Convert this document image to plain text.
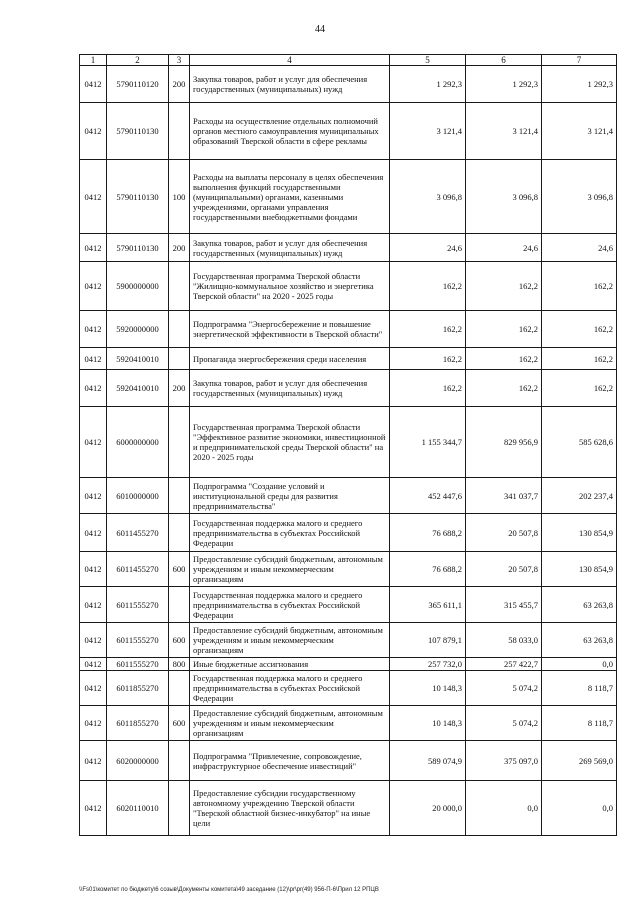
44
1	2	3	4	5	6	7
0412	5790110120	200	Закупка товаров, работ и услуг для обеспечения государственных (муниципальных) нужд	1 292,3	1 292,3	1 292,3
0412	5790110130		Расходы на осуществление отдельных полномочий органов местного самоуправления муниципальных образований Тверской области в сфере рекламы	3 121,4	3 121,4	3 121,4
0412	5790110130	100	Расходы на выплаты персоналу в целях обеспечения выполнения функций государственными (муниципальными) органами, казенными учреждениями, органами управления государственными внебюджетными фондами	3 096,8	3 096,8	3 096,8
0412	5790110130	200	Закупка товаров, работ и услуг для обеспечения государственных (муниципальных) нужд	24,6	24,6	24,6
0412	5900000000		Государственная программа Тверской области "Жилищно-коммунальное хозяйство и энергетика Тверской области" на 2020 - 2025 годы	162,2	162,2	162,2
0412	5920000000		Подпрограмма "Энергосбережение и повышение энергетической эффективности в Тверской области"	162,2	162,2	162,2
0412	5920410010		Пропаганда энергосбережения среди населения	162,2	162,2	162,2
0412	5920410010	200	Закупка товаров, работ и услуг для обеспечения государственных (муниципальных) нужд	162,2	162,2	162,2
0412	6000000000		Государственная программа Тверской области "Эффективное развитие экономики, инвестиционной и предпринимательской среды Тверской области" на 2020 - 2025 годы	1 155 344,7	829 956,9	585 628,6
0412	6010000000		Подпрограмма "Создание условий и институциональной среды для развития предпринимательства"	452 447,6	341 037,7	202 237,4
0412	6011455270		Государственная поддержка малого и среднего предпринимательства в субъектах Российской Федерации	76 688,2	20 507,8	130 854,9
0412	6011455270	600	Предоставление субсидий бюджетным, автономным учреждениям и иным некоммерческим организациям	76 688,2	20 507,8	130 854,9
0412	6011555270		Государственная поддержка малого и среднего предпринимательства в субъектах Российской Федерации	365 611,1	315 455,7	63 263,8
0412	6011555270	600	Предоставление субсидий бюджетным, автономным учреждениям и иным некоммерческим организациям	107 879,1	58 033,0	63 263,8
0412	6011555270	800	Иные бюджетные ассигнования	257 732,0	257 422,7	0,0
0412	6011855270		Государственная поддержка малого и среднего предпринимательства в субъектах Российской Федерации	10 148,3	5 074,2	8 118,7
0412	6011855270	600	Предоставление субсидий бюджетным, автономным учреждениям и иным некоммерческим организациям	10 148,3	5 074,2	8 118,7
0412	6020000000		Подпрограмма "Привлечение, сопровождение, инфраструктурное обеспечение инвестиций"	589 074,9	375 097,0	269 569,0
0412	6020110010		Предоставление субсидии государственному автономному учреждению Тверской области "Тверской областной бизнес-инкубатор" на иные цели	20 000,0	0,0	0,0
\\Fs01\комитет по бюджету\6 созыв\Документы комитета\49 заседание (12)\pr\pr(49) 956-П-6\Прил 12 РПЦВ
